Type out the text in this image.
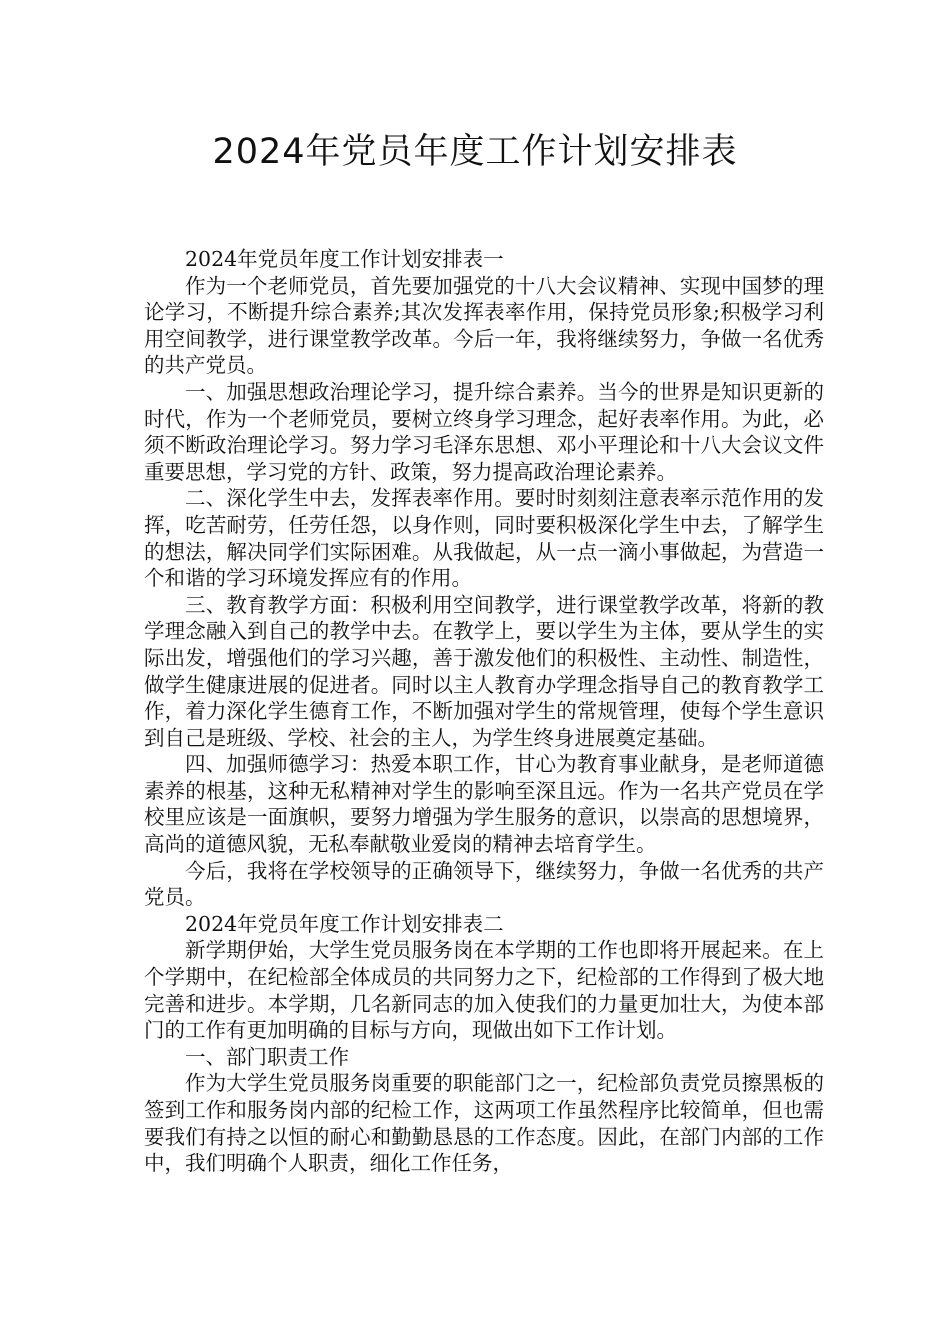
2024年党员年度工作计划安排表

2024年党员年度工作计划安排表一

作为一个老师党员，首先要加强党的十八大会议精神、实现中国梦的理论学习，不断提升综合素养;其次发挥表率作用，保持党员形象;积极学习利用空间教学，进行课堂教学改革。今后一年，我将继续努力，争做一名优秀的共产党员。

一、加强思想政治理论学习，提升综合素养。当今的世界是知识更新的时代，作为一个老师党员，要树立终身学习理念，起好表率作用。为此，必须不断政治理论学习。努力学习毛泽东思想、邓小平理论和十八大会议文件重要思想，学习党的方针、政策，努力提高政治理论素养。

二、深化学生中去，发挥表率作用。要时时刻刻注意表率示范作用的发挥，吃苦耐劳，任劳任怨，以身作则，同时要积极深化学生中去，了解学生的想法，解决同学们实际困难。从我做起，从一点一滴小事做起，为营造一个和谐的学习环境发挥应有的作用。

三、教育教学方面：积极利用空间教学，进行课堂教学改革，将新的教学理念融入到自己的教学中去。在教学上，要以学生为主体，要从学生的实际出发，增强他们的学习兴趣，善于激发他们的积极性、主动性、制造性，做学生健康进展的促进者。同时以主人教育办学理念指导自己的教育教学工作，着力深化学生德育工作，不断加强对学生的常规管理，使每个学生意识到自己是班级、学校、社会的主人，为学生终身进展奠定基础。

四、加强师德学习：热爱本职工作，甘心为教育事业献身，是老师道德素养的根基，这种无私精神对学生的影响至深且远。作为一名共产党员在学校里应该是一面旗帜，要努力增强为学生服务的意识，以崇高的思想境界，高尚的道德风貌，无私奉献敬业爱岗的精神去培育学生。

今后，我将在学校领导的正确领导下，继续努力，争做一名优秀的共产党员。

2024年党员年度工作计划安排表二

新学期伊始，大学生党员服务岗在本学期的工作也即将开展起来。在上个学期中，在纪检部全体成员的共同努力之下，纪检部的工作得到了极大地完善和进步。本学期，几名新同志的加入使我们的力量更加壮大，为使本部门的工作有更加明确的目标与方向，现做出如下工作计划。

一、部门职责工作

作为大学生党员服务岗重要的职能部门之一，纪检部负责党员擦黑板的签到工作和服务岗内部的纪检工作，这两项工作虽然程序比较简单，但也需要我们有持之以恒的耐心和勤勤恳恳的工作态度。因此，在部门内部的工作中，我们明确个人职责，细化工作任务，
